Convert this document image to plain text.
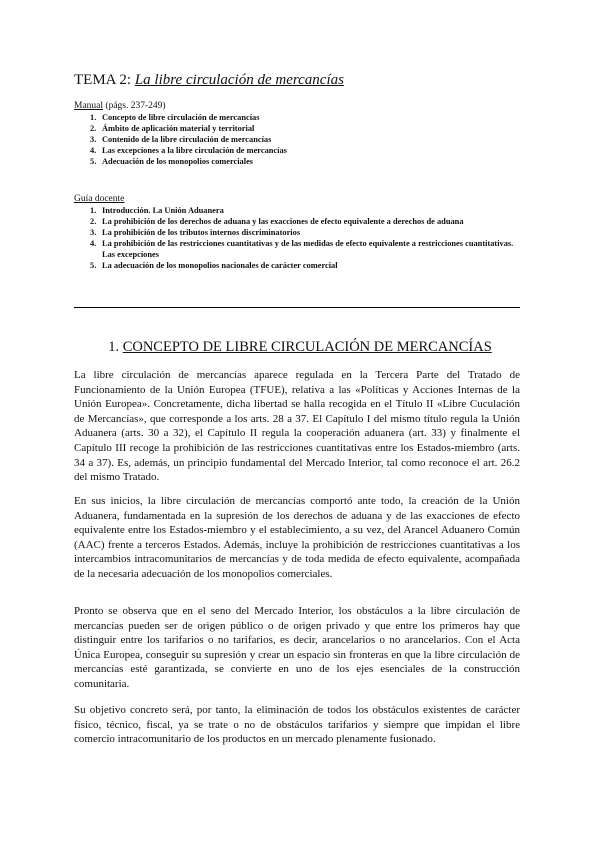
TEMA 2: La libre circulación de mercancías
Manual (págs. 237-249)
1. Concepto de libre circulación de mercancías
2. Ámbito de aplicación material y territorial
3. Contenido de la libre circulación de mercancías
4. Las excepciones a la libre circulación de mercancías
5. Adecuación de los monopolios comerciales
Guía docente
1. Introducción. La Unión Aduanera
2. La prohibición de los derechos de aduana y las exacciones de efecto equivalente a derechos de aduana
3. La prohibición de los tributos internos discriminatorios
4. La prohibición de las restricciones cuantitativas y de las medidas de efecto equivalente a restricciones cuantitativas. Las excepciones
5. La adecuación de los monopolios nacionales de carácter comercial
1. CONCEPTO DE LIBRE CIRCULACIÓN DE MERCANCÍAS

La libre circulación de mercancías aparece regulada en la Tercera Parte del Tratado de Funcionamiento de la Unión Europea (TFUE), relativa a las «Políticas y Acciones Internas de la Unión Europea». Concretamente, dicha libertad se halla recogida en el Título II «Libre Cuculación de Mercancías», que corresponde a los arts. 28 a 37. El Capítulo I del mismo título regula la Unión Aduanera (arts. 30 a 32), el Capítulo II regula la cooperación aduanera (art. 33) y finalmente el Capítulo III recoge la prohibición de las restricciones cuantitativas entre los Estados-miembro (arts. 34 a 37). Es, además, un principio fundamental del Mercado Interior, tal como reconoce el art. 26.2 del mismo Tratado.

En sus inicios, la libre circulación de mercancías comportó ante todo, la creación de la Unión Aduanera, fundamentada en la supresión de los derechos de aduana y de las exacciones de efecto equivalente entre los Estados-miembro y el establecimiento, a su vez, del Arancel Aduanero Común (AAC) frente a terceros Estados. Además, incluye la prohibición de restricciones cuantitativas a los intercambios intracomunitarios de mercancías y de toda medida de efecto equivalente, acompañada de la necesaria adecuación de los monopolios comerciales.

Pronto se observa que en el seno del Mercado Interior, los obstáculos a la libre circulación de mercancías pueden ser de origen público o de origen privado y que entre los primeros hay que distinguir entre los tarifarios o no tarifarios, es decir, arancelarios o no arancelarios. Con el Acta Única Europea, conseguir su supresión y crear un espacio sin fronteras en que la libre circulación de mercancías esté garantizada, se convierte en uno de los ejes esenciales de la construcción comunitaria.

Su objetivo concreto será, por tanto, la eliminación de todos los obstáculos existentes de carácter físico, técnico, fiscal, ya se trate o no de obstáculos tarifarios y siempre que impidan el libre comercio intracomunitario de los productos en un mercado plenamente fusionado.
